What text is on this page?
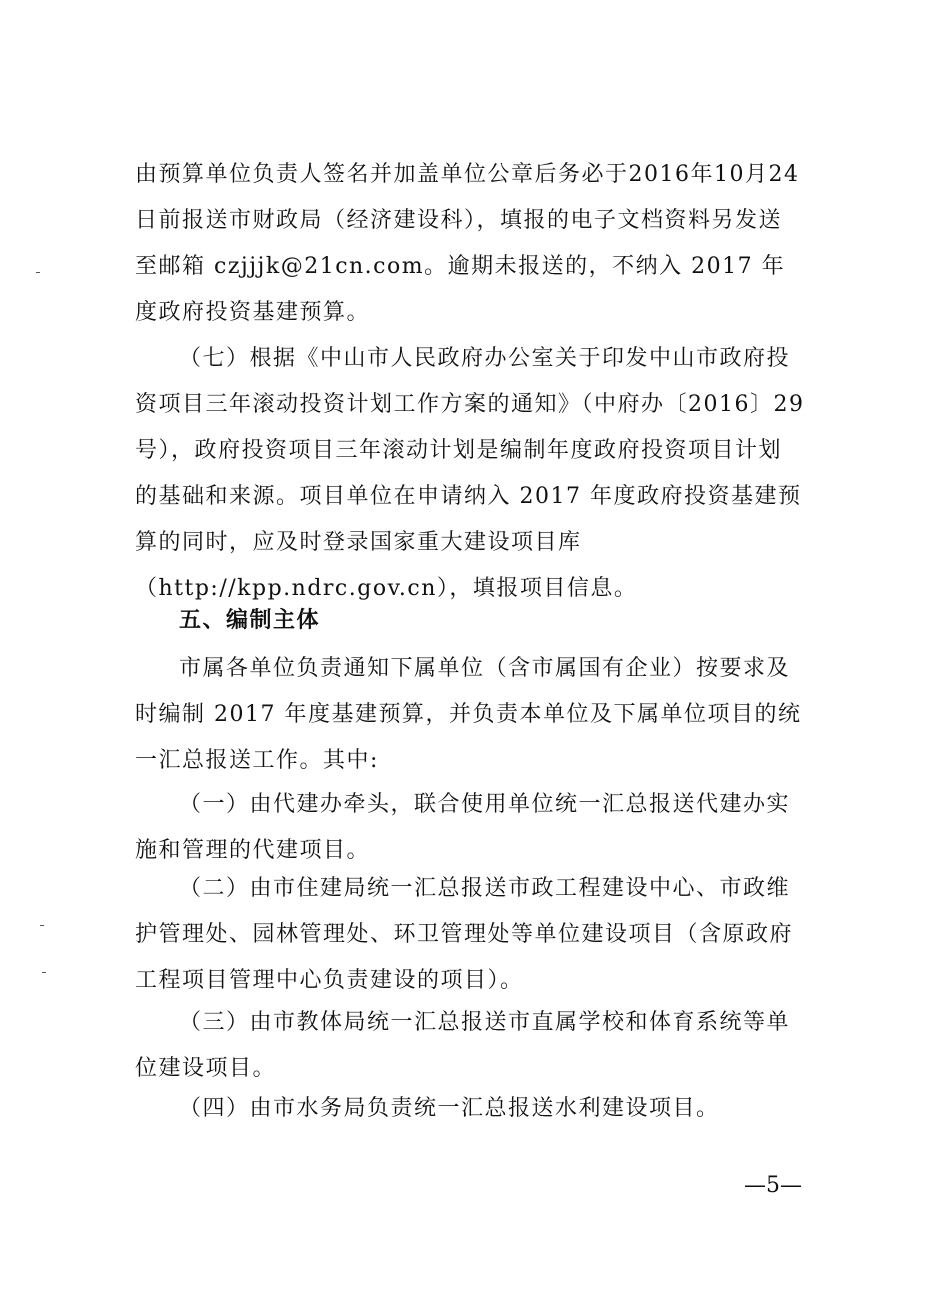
由预算单位负责人签名并加盖单位公章后务必于2016年10月24日前报送市财政局（经济建设科），填报的电子文档资料另发送至邮箱 czjjjk@21cn.com。逾期未报送的，不纳入 2017 年度政府投资基建预算。

（七）根据《中山市人民政府办公室关于印发中山市政府投资项目三年滚动投资计划工作方案的通知》（中府办〔2016〕29 号），政府投资项目三年滚动计划是编制年度政府投资项目计划的基础和来源。项目单位在申请纳入 2017 年度政府投资基建预算的同时，应及时登录国家重大建设项目库（http://kpp.ndrc.gov.cn），填报项目信息。

五、编制主体

市属各单位负责通知下属单位（含市属国有企业）按要求及时编制 2017 年度基建预算，并负责本单位及下属单位项目的统一汇总报送工作。其中:

（一）由代建办牵头，联合使用单位统一汇总报送代建办实施和管理的代建项目。

（二）由市住建局统一汇总报送市政工程建设中心、市政维护管理处、园林管理处、环卫管理处等单位建设项目（含原政府工程项目管理中心负责建设的项目）。

（三）由市教体局统一汇总报送市直属学校和体育系统等单位建设项目。

（四）由市水务局负责统一汇总报送水利建设项目。

—5—
